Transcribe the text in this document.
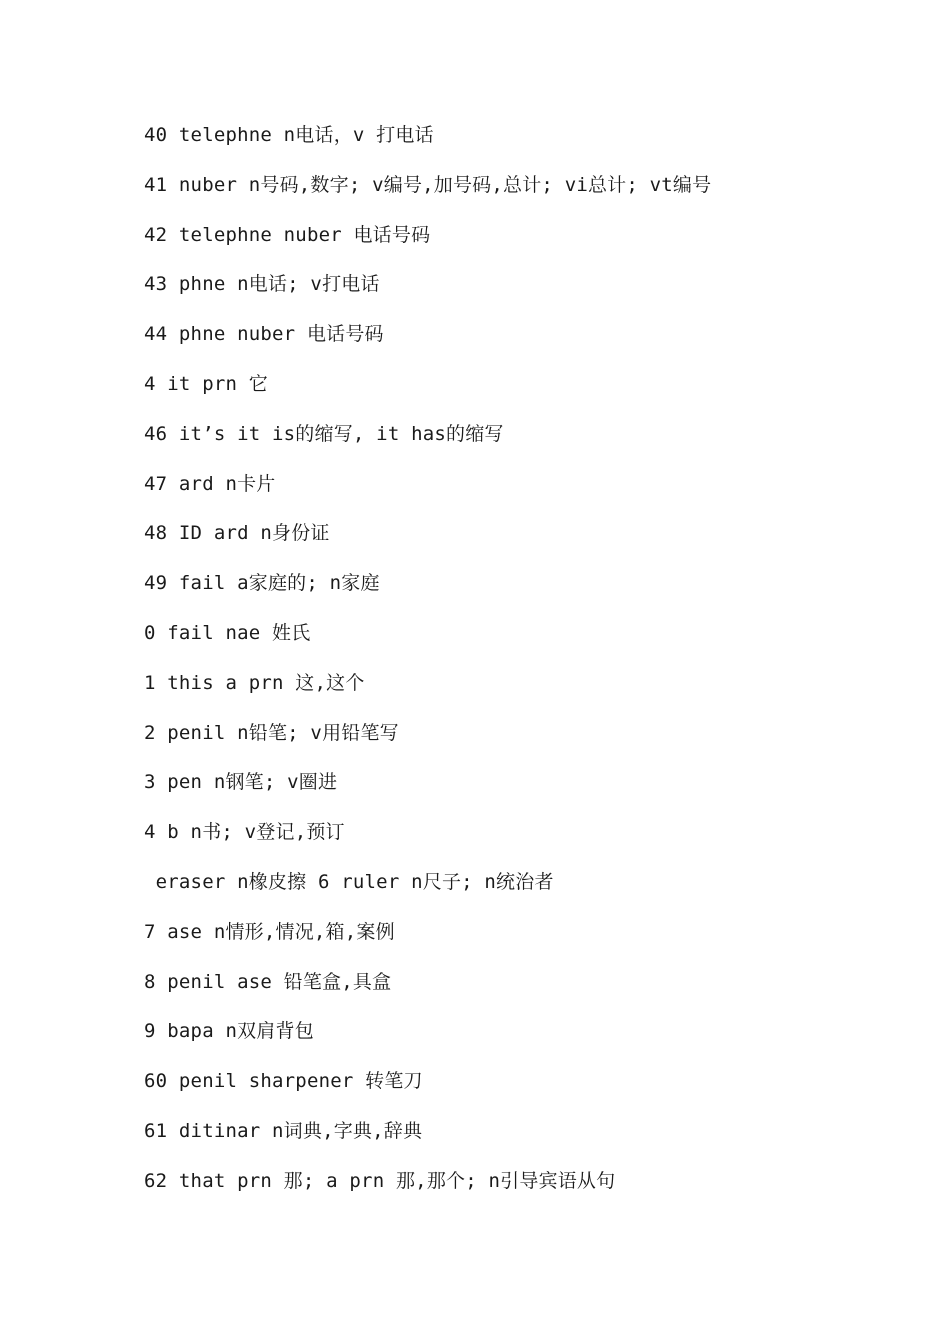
40 telephne n电话，v 打电话
41 nuber n号码,数字; v编号,加号码,总计; vi总计; vt编号
42 telephne nuber 电话号码
43 phne n电话; v打电话
44 phne nuber 电话号码
4 it prn 它
46 it’s it is的缩写, it has的缩写
47 ard n卡片
48 ID ard n身份证
49 fail a家庭的; n家庭
0 fail nae 姓氏
1 this a prn 这,这个
2 penil n铅笔; v用铅笔写
3 pen n钢笔; v圈进
4 b n书; v登记,预订
eraser n橡皮擦 6 ruler n尺子; n统治者
7 ase n情形,情况,箱,案例
8 penil ase 铅笔盒,具盒
9 bapa n双肩背包
60 penil sharpener 转笔刀
61 ditinar n词典,字典,辞典
62 that prn 那; a prn 那,那个; n引导宾语从句
